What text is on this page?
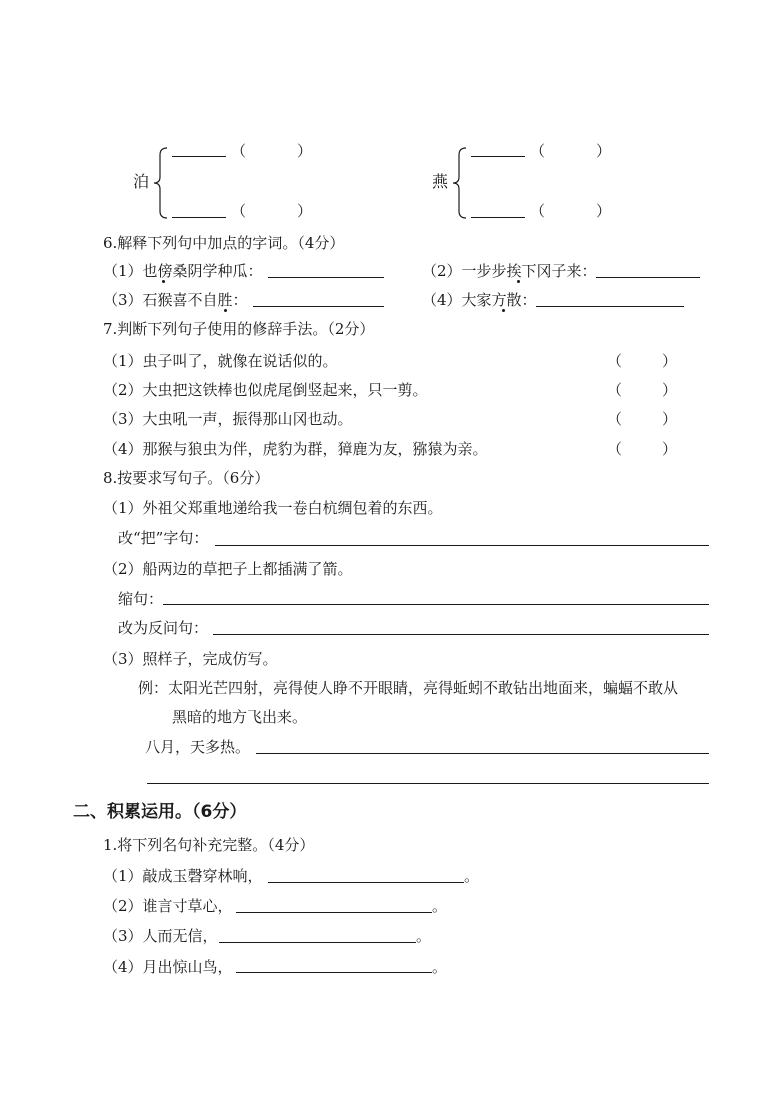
（	）
泊
（	）
（	）
燕
（	）
6.解释下列句中加点的字词。（4分）
（1）也傍桑阴学种瓜：	（2）一步步挨下冈子来：
（3）石猴喜不自胜：	（4）大家方散：
7.判断下列句子使用的修辞手法。（2分）
（1）虫子叫了，就像在说话似的。	（	）
（2）大虫把这铁棒也似虎尾倒竖起来，只一剪。	（	）
（3）大虫吼一声，振得那山冈也动。	（	）
（4）那猴与狼虫为伴，虎豹为群，獐鹿为友，猕猿为亲。	（	）
8.按要求写句子。（6分）
（1）外祖父郑重地递给我一卷白杭绸包着的东西。
改“把”字句：
（2）船两边的草把子上都插满了箭。
缩句：
改为反问句：
（3）照样子，完成仿写。
例：太阳光芒四射，亮得使人睁不开眼睛，亮得蚯蚓不敢钻出地面来，蝙蝠不敢从
黑暗的地方飞出来。
八月，天多热。
二、积累运用。（6分）
1.将下列名句补充完整。（4分）
（1）敲成玉磬穿林响，	。
（2）谁言寸草心，	。
（3）人而无信，	。
（4）月出惊山鸟，	。
